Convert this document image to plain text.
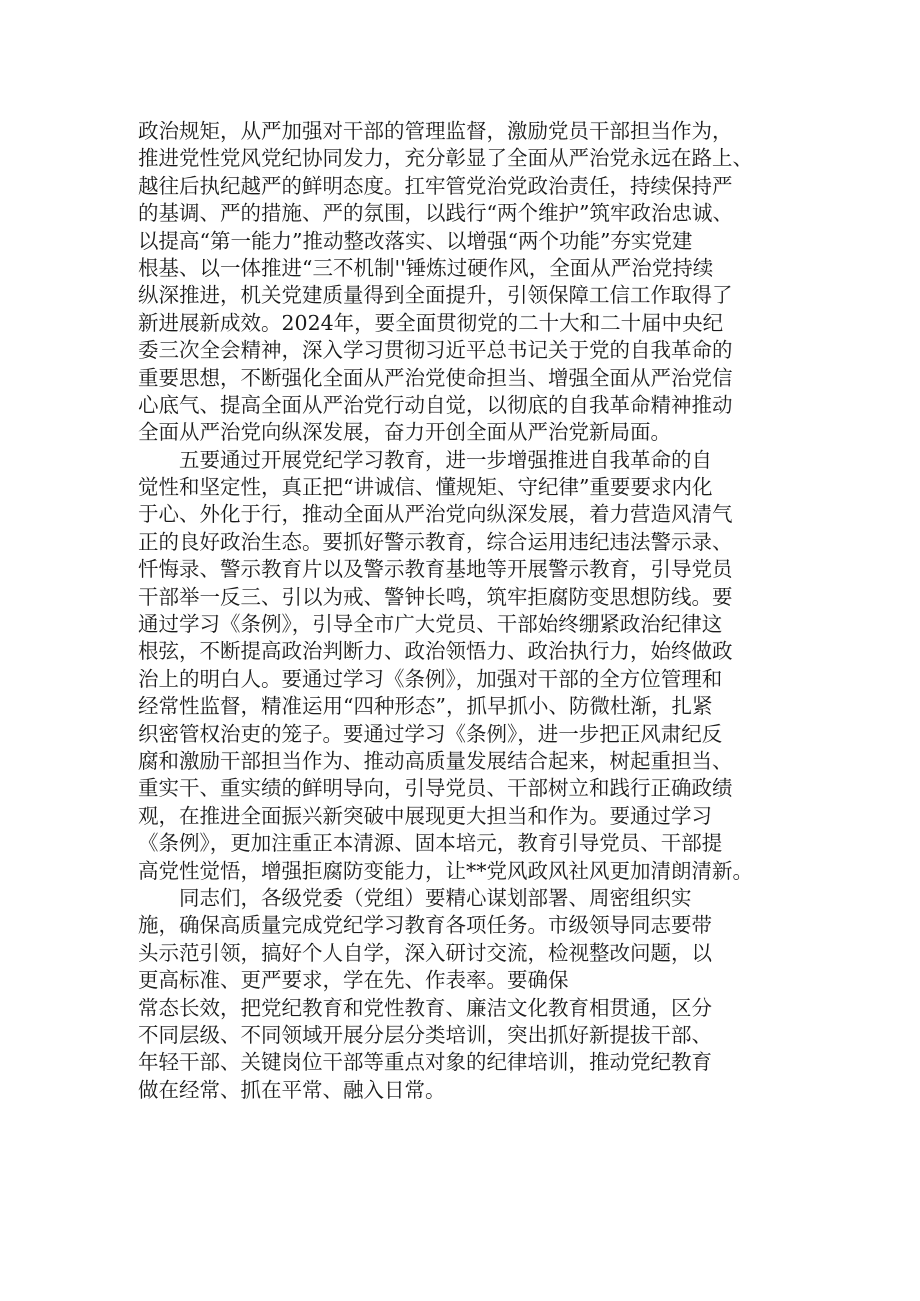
政治规矩，从严加强对干部的管理监督，激励党员干部担当作为，
推进党性党风党纪协同发力，充分彰显了全面从严治党永远在路上、
越往后执纪越严的鲜明态度。扛牢管党治党政治责任，持续保持严
的基调、严的措施、严的氛围，以践行“两个维护”筑牢政治忠诚、
以提高“第一能力”推动整改落实、以增强“两个功能”夯实党建
根基、以一体推进“三不机制''锤炼过硬作风，全面从严治党持续
纵深推进，机关党建质量得到全面提升，引领保障工信工作取得了
新进展新成效。2024年，要全面贯彻党的二十大和二十届中央纪
委三次全会精神，深入学习贯彻习近平总书记关于党的自我革命的
重要思想，不断强化全面从严治党使命担当、增强全面从严治党信
心底气、提高全面从严治党行动自觉，以彻底的自我革命精神推动
全面从严治党向纵深发展，奋力开创全面从严治党新局面。
　　五要通过开展党纪学习教育，进一步增强推进自我革命的自
觉性和坚定性，真正把“讲诚信、懂规矩、守纪律”重要要求内化
于心、外化于行，推动全面从严治党向纵深发展，着力营造风清气
正的良好政治生态。要抓好警示教育，综合运用违纪违法警示录、
忏悔录、警示教育片以及警示教育基地等开展警示教育，引导党员
干部举一反三、引以为戒、警钟长鸣，筑牢拒腐防变思想防线。要
通过学习《条例》，引导全市广大党员、干部始终绷紧政治纪律这
根弦，不断提高政治判断力、政治领悟力、政治执行力，始终做政
治上的明白人。要通过学习《条例》，加强对干部的全方位管理和
经常性监督，精准运用“四种形态”，抓早抓小、防微杜渐，扎紧
织密管权治吏的笼子。要通过学习《条例》，进一步把正风肃纪反
腐和激励干部担当作为、推动高质量发展结合起来，树起重担当、
重实干、重实绩的鲜明导向，引导党员、干部树立和践行正确政绩
观，在推进全面振兴新突破中展现更大担当和作为。要通过学习
《条例》，更加注重正本清源、固本培元，教育引导党员、干部提
高党性觉悟，增强拒腐防变能力，让**党风政风社风更加清朗清新。
　　同志们，各级党委（党组）要精心谋划部署、周密组织实
施，确保高质量完成党纪学习教育各项任务。市级领导同志要带
头示范引领，搞好个人自学，深入研讨交流，检视整改问题，以
更高标准、更严要求，学在先、作表率。要确保
常态长效，把党纪教育和党性教育、廉洁文化教育相贯通，区分
不同层级、不同领域开展分层分类培训，突出抓好新提拔干部、
年轻干部、关键岗位干部等重点对象的纪律培训，推动党纪教育
做在经常、抓在平常、融入日常。
